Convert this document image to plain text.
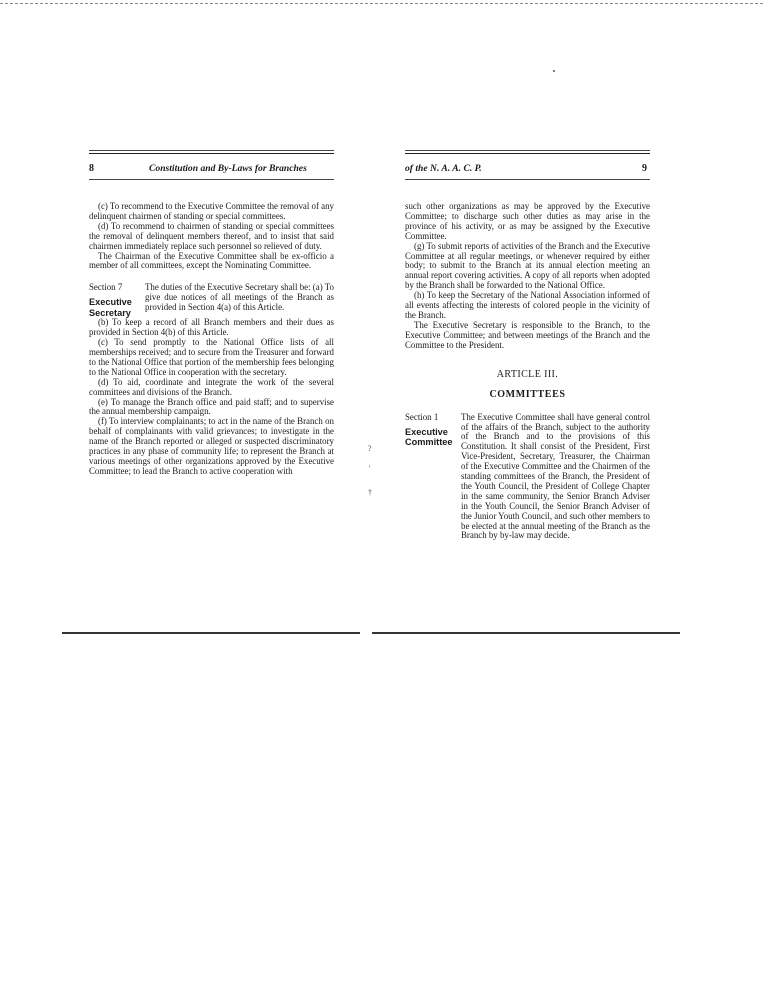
8	Constitution and By-Laws for Branches

(c) To recommend to the Executive Committee the removal of any delinquent chairmen of standing or special committees.

(d) To recommend to chairmen of standing or special committees the removal of delinquent members thereof, and to insist that said chairmen immediately replace such personnel so relieved of duty.

The Chairman of the Executive Committee shall be ex-officio a member of all committees, except the Nominating Committee.

Section 7
Executive
Secretary
The duties of the Executive Secretary shall be: (a) To give due notices of all meetings of the Branch as provided in Section 4(a) of this Article.

(b) To keep a record of all Branch members and their dues as provided in Section 4(b) of this Article.

(c) To send promptly to the National Office lists of all memberships received; and to secure from the Treasurer and forward to the National Office that portion of the membership fees belonging to the National Office in cooperation with the secretary.

(d) To aid, coordinate and integrate the work of the several committees and divisions of the Branch.

(e) To manage the Branch office and paid staff; and to supervise the annual membership campaign.

(f) To interview complainants; to act in the name of the Branch on behalf of complainants with valid grievances; to investigate in the name of the Branch reported or alleged or suspected discriminatory practices in any phase of community life; to represent the Branch at various meetings of other organizations approved by the Executive Committee; to lead the Branch to active cooperation with

?
'
†
of the N. A. A. C. P.	9

such other organizations as may be approved by the Executive Committee; to discharge such other duties as may arise in the province of his activity, or as may be assigned by the Executive Committee.

(g) To submit reports of activities of the Branch and the Executive Committee at all regular meetings, or whenever required by either body; to submit to the Branch at its annual election meeting an annual report covering activities. A copy of all reports when adopted by the Branch shall be forwarded to the National Office.

(h) To keep the Secretary of the National Association informed of all events affecting the interests of colored people in the vicinity of the Branch.

The Executive Secretary is responsible to the Branch, to the Executive Committee; and between meetings of the Branch and the Committee to the President.

ARTICLE III.
COMMITTEES
Section 1
Executive
Committee
The Executive Committee shall have general control of the affairs of the Branch, subject to the authority of the Branch and to the provisions of this Constitution. It shall consist of the President, First Vice-President, Secretary, Treasurer, the Chairman of the Executive Committee and the Chairmen of the standing committees of the Branch, the President of the Youth Council, the President of College Chapter in the same community, the Senior Branch Adviser in the Youth Council, the Senior Branch Adviser of the Junior Youth Council, and such other members to be elected at the annual meeting of the Branch as the Branch by by-law may decide.
